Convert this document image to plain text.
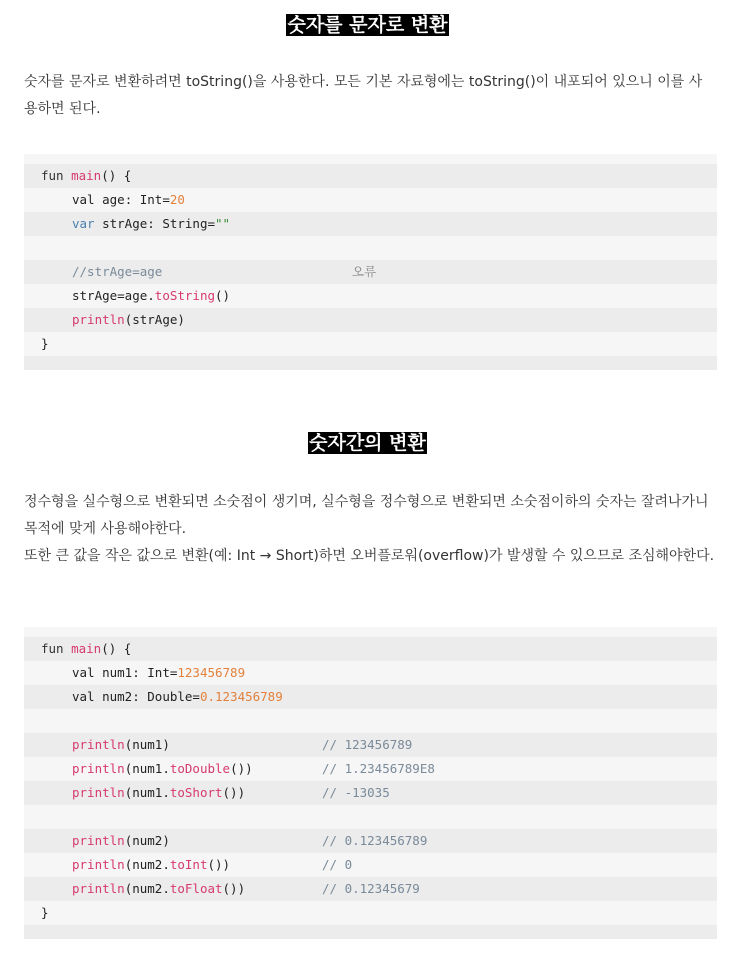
숫자를 문자로 변환

숫자를 문자로 변환하려면 toString()을 사용한다. 모든 기본 자료형에는 toString()이 내포되어 있으니 이를 사
용하면 된다.

fun main() {
val age: Int=20
var strAge: String=""

//strAge=age	오류
strAge=age.toString()
println(strAge)
}
숫자간의 변환

정수형을 실수형으로 변환되면 소숫점이 생기며, 실수형을 정수형으로 변환되면 소숫점이하의 숫자는 잘려나가니
목적에 맞게 사용해야한다.
또한 큰 값을 작은 값으로 변환(예: Int → Short)하면 오버플로워(overflow)가 발생할 수 있으므로 조심해야한다.

fun main() {
val num1: Int=123456789
val num2: Double=0.123456789

println(num1)	// 123456789
println(num1.toDouble())	// 1.23456789E8
println(num1.toShort())	// -13035

println(num2)	// 0.123456789
println(num2.toInt())	// 0
println(num2.toFloat())	// 0.12345679
}
